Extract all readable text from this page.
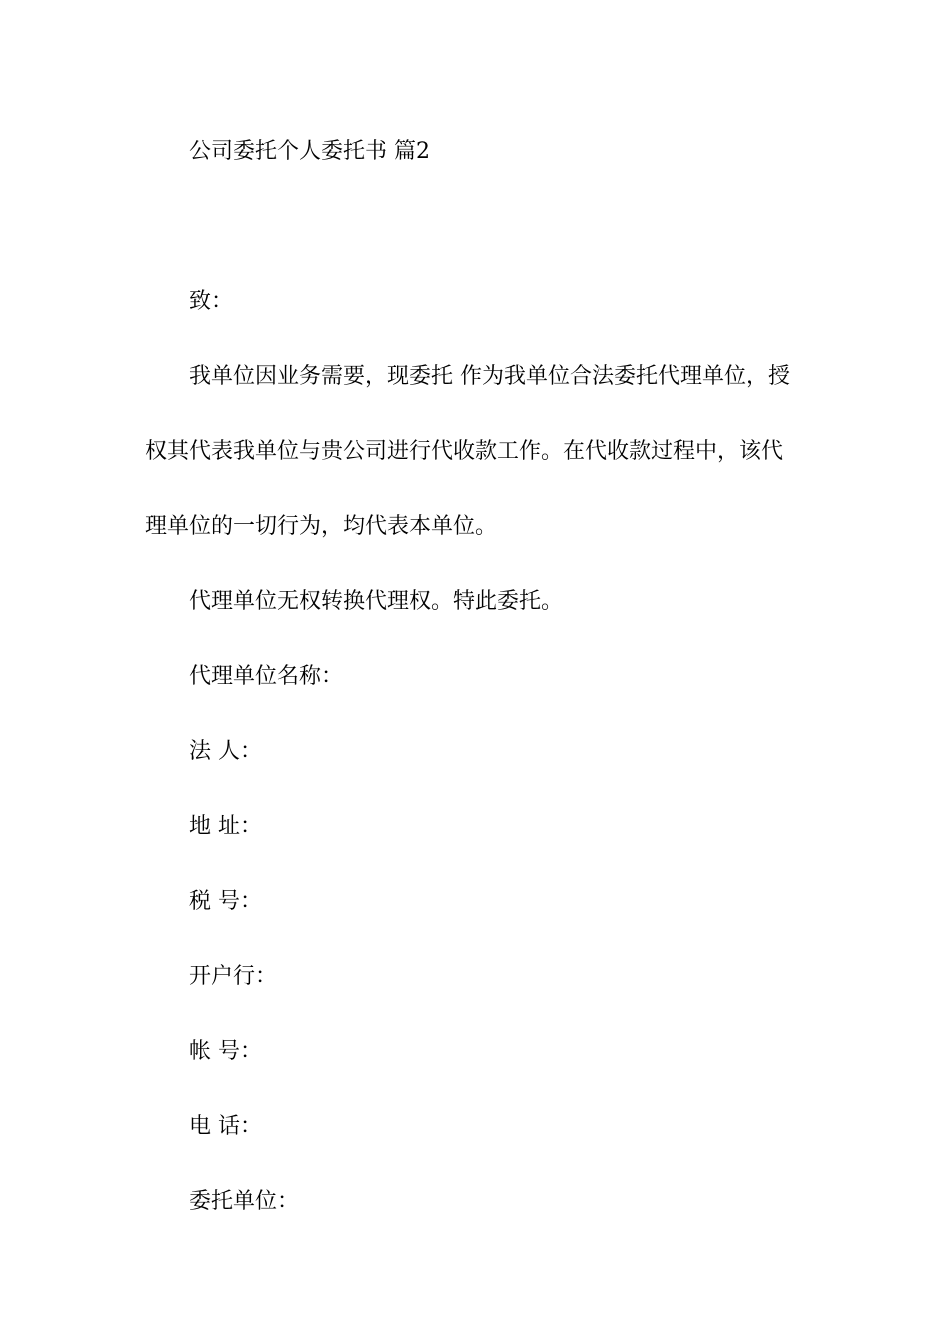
公司委托个人委托书 篇2
致：
我单位因业务需要，现委托 作为我单位合法委托代理单位，授
权其代表我单位与贵公司进行代收款工作。在代收款过程中，该代
理单位的一切行为，均代表本单位。
代理单位无权转换代理权。特此委托。
代理单位名称：
法 人：
地 址：
税 号：
开户行：
帐 号：
电 话：
委托单位：
